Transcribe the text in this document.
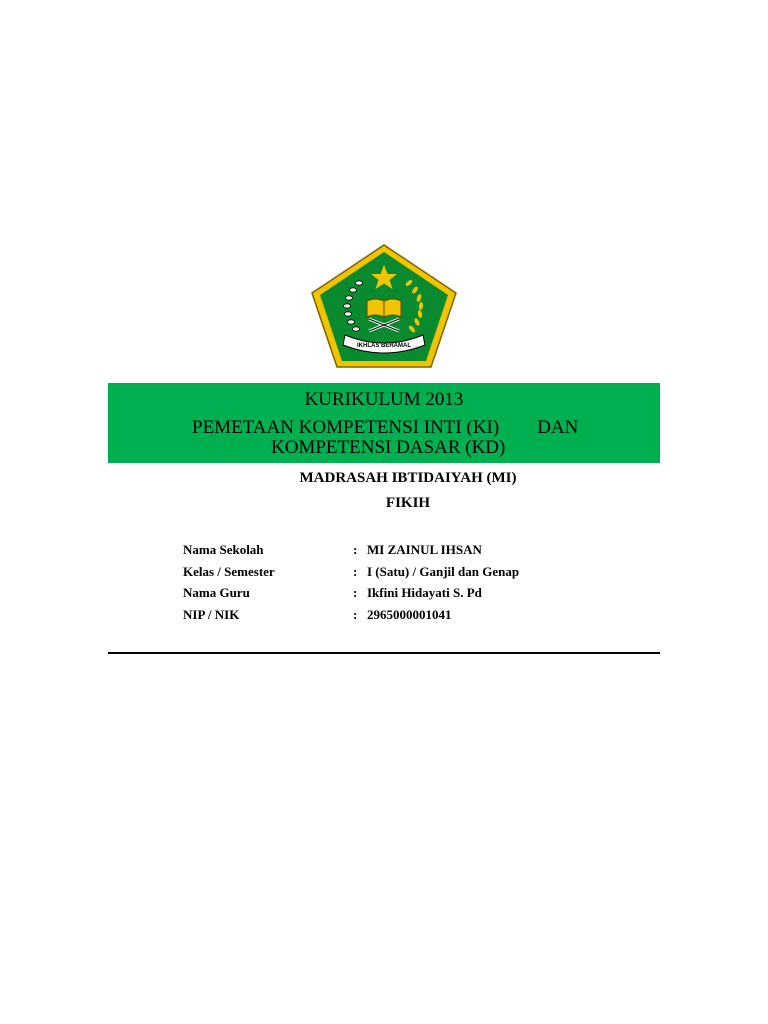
IKHLAS BERAMAL
KURIKULUM 2013
PEMETAAN KOMPETENSI INTI (KI) DAN
KOMPETENSI DASAR (KD)
MADRASAH IBTIDAIYAH (MI)
FIKIH
Nama Sekolah	: MI ZAINUL IHSAN
Kelas / Semester	: I (Satu) / Ganjil dan Genap
Nama Guru	: Ikfini Hidayati S. Pd
NIP / NIK	: 2965000001041
